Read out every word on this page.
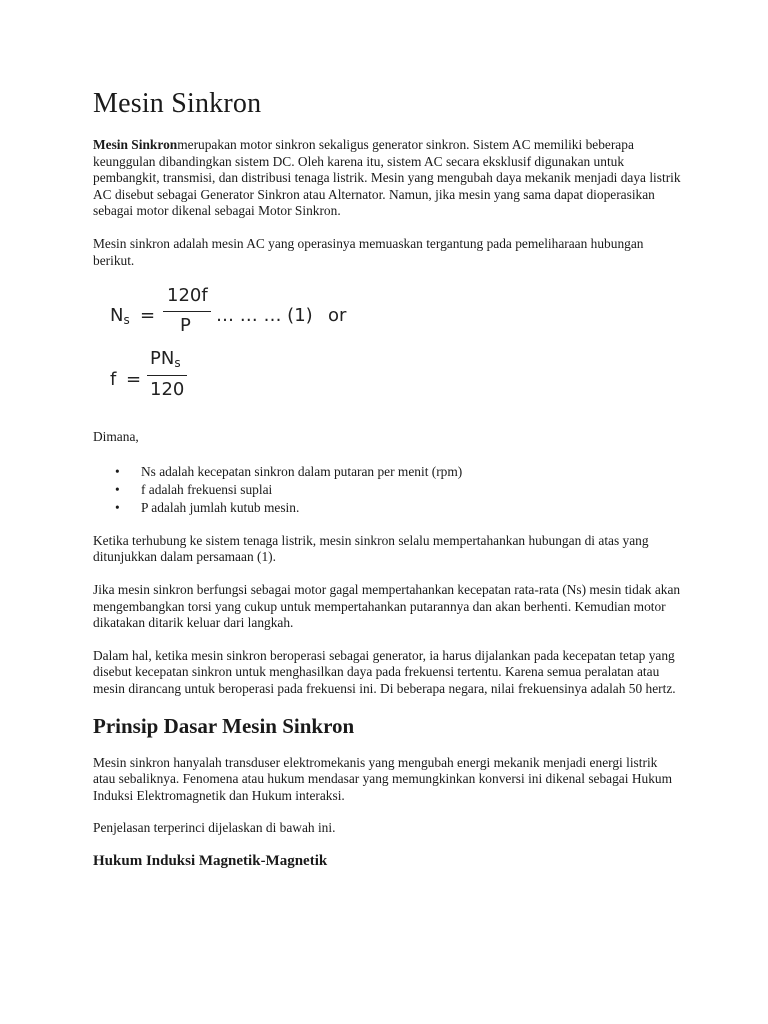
Mesin Sinkron

Mesin Sinkronmerupakan motor sinkron sekaligus generator sinkron. Sistem AC memiliki beberapa keunggulan dibandingkan sistem DC. Oleh karena itu, sistem AC secara eksklusif digunakan untuk pembangkit, transmisi, dan distribusi tenaga listrik. Mesin yang mengubah daya mekanik menjadi daya listrik AC disebut sebagai Generator Sinkron atau Alternator. Namun, jika mesin yang sama dapat dioperasikan sebagai motor dikenal sebagai Motor Sinkron.

Mesin sinkron adalah mesin AC yang operasinya memuaskan tergantung pada pemeliharaan hubungan berikut.

$N_s$ =
120f
P … … … (1) or
f =
$PN_s$
120

Dimana,

• Ns adalah kecepatan sinkron dalam putaran per menit (rpm)
• f adalah frekuensi suplai
• P adalah jumlah kutub mesin.

Ketika terhubung ke sistem tenaga listrik, mesin sinkron selalu mempertahankan hubungan di atas yang ditunjukkan dalam persamaan (1).

Jika mesin sinkron berfungsi sebagai motor gagal mempertahankan kecepatan rata-rata (Ns) mesin tidak akan mengembangkan torsi yang cukup untuk mempertahankan putarannya dan akan berhenti. Kemudian motor dikatakan ditarik keluar dari langkah.

Dalam hal, ketika mesin sinkron beroperasi sebagai generator, ia harus dijalankan pada kecepatan tetap yang disebut kecepatan sinkron untuk menghasilkan daya pada frekuensi tertentu. Karena semua peralatan atau mesin dirancang untuk beroperasi pada frekuensi ini. Di beberapa negara, nilai frekuensinya adalah 50 hertz.

Prinsip Dasar Mesin Sinkron

Mesin sinkron hanyalah transduser elektromekanis yang mengubah energi mekanik menjadi energi listrik atau sebaliknya. Fenomena atau hukum mendasar yang memungkinkan konversi ini dikenal sebagai Hukum Induksi Elektromagnetik dan Hukum interaksi.

Penjelasan terperinci dijelaskan di bawah ini.

Hukum Induksi Magnetik-Magnetik
